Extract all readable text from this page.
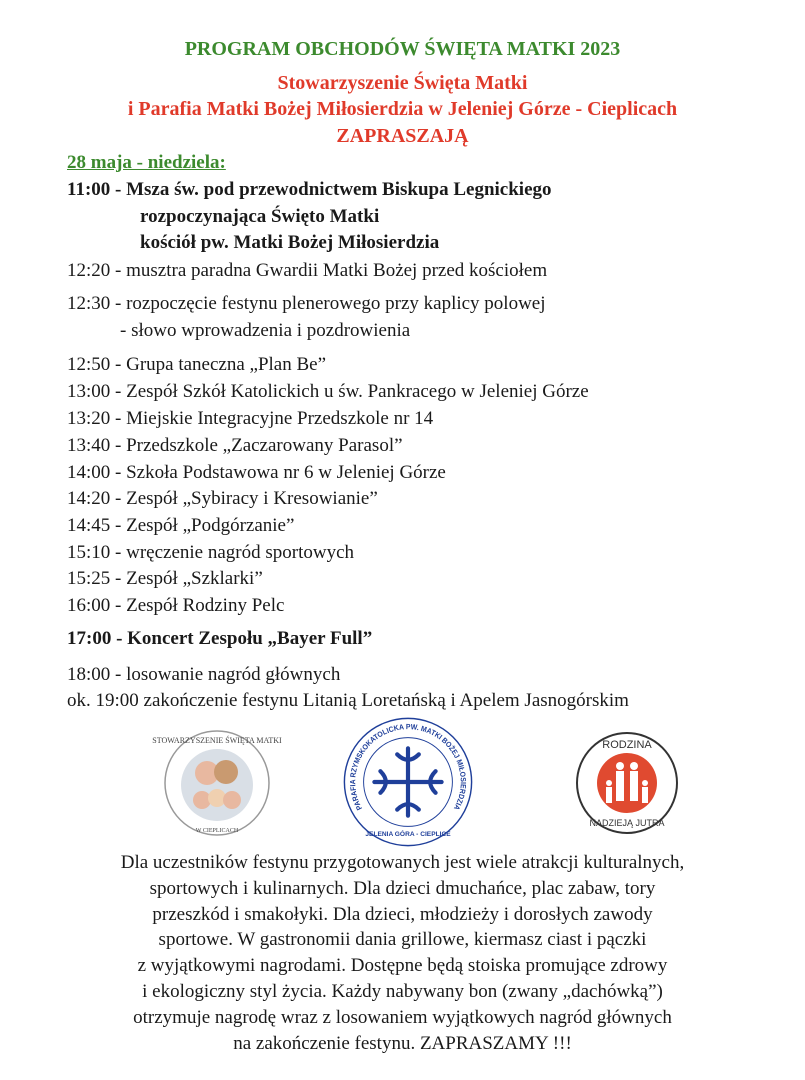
PROGRAM OBCHODÓW ŚWIĘTA MATKI 2023
Stowarzyszenie Święta Matki
i Parafia Matki Bożej Miłosierdzia w Jeleniej Górze - Cieplicach
ZAPRASZAJĄ
28 maja - niedziela:
11:00 - Msza św. pod przewodnictwem Biskupa Legnickiego
rozpoczynająca Święto Matki
kościół pw. Matki Bożej Miłosierdzia
12:20 - musztra paradna Gwardii Matki Bożej przed kościołem
12:30 - rozpoczęcie festynu plenerowego przy kaplicy polowej
- słowo wprowadzenia i pozdrowienia
12:50 - Grupa taneczna „Plan Be”
13:00 - Zespół Szkół Katolickich u św. Pankracego w Jeleniej Górze
13:20 - Miejskie Integracyjne Przedszkole nr 14
13:40 - Przedszkole „Zaczarowany Parasol”
14:00 - Szkoła Podstawowa nr 6 w Jeleniej Górze
14:20 - Zespół „Sybiracy i Kresowianie”
14:45 - Zespół „Podgórzanie”
15:10 - wręczenie nagród sportowych
15:25 - Zespół „Szklarki”
16:00 - Zespół Rodziny Pelc
17:00 - Koncert Zespołu „Bayer Full”
18:00 - losowanie nagród głównych
ok. 19:00 zakończenie festynu Litanią Loretańską i Apelem Jasnogórskim
STOWARZYSZENIE ŚWIĘTA MATKI
W CIEPLICACH
PARAFIA RZYMSKOKATOLICKA PW. MATKI BOŻEJ MIŁOSIERDZIA
JELENIA GÓRA - CIEPLICE
RODZINA
NADZIEJĄ JUTRA
Dla uczestników festynu przygotowanych jest wiele atrakcji kulturalnych,
sportowych i kulinarnych. Dla dzieci dmuchańce, plac zabaw, tory
przeszkód i smakołyki. Dla dzieci, młodzieży i dorosłych zawody
sportowe. W gastronomii dania grillowe, kiermasz ciast i pączki
z wyjątkowymi nagrodami. Dostępne będą stoiska promujące zdrowy
i ekologiczny styl życia. Każdy nabywany bon (zwany „dachówką”)
otrzymuje nagrodę wraz z losowaniem wyjątkowych nagród głównych
na zakończenie festynu. ZAPRASZAMY !!!
